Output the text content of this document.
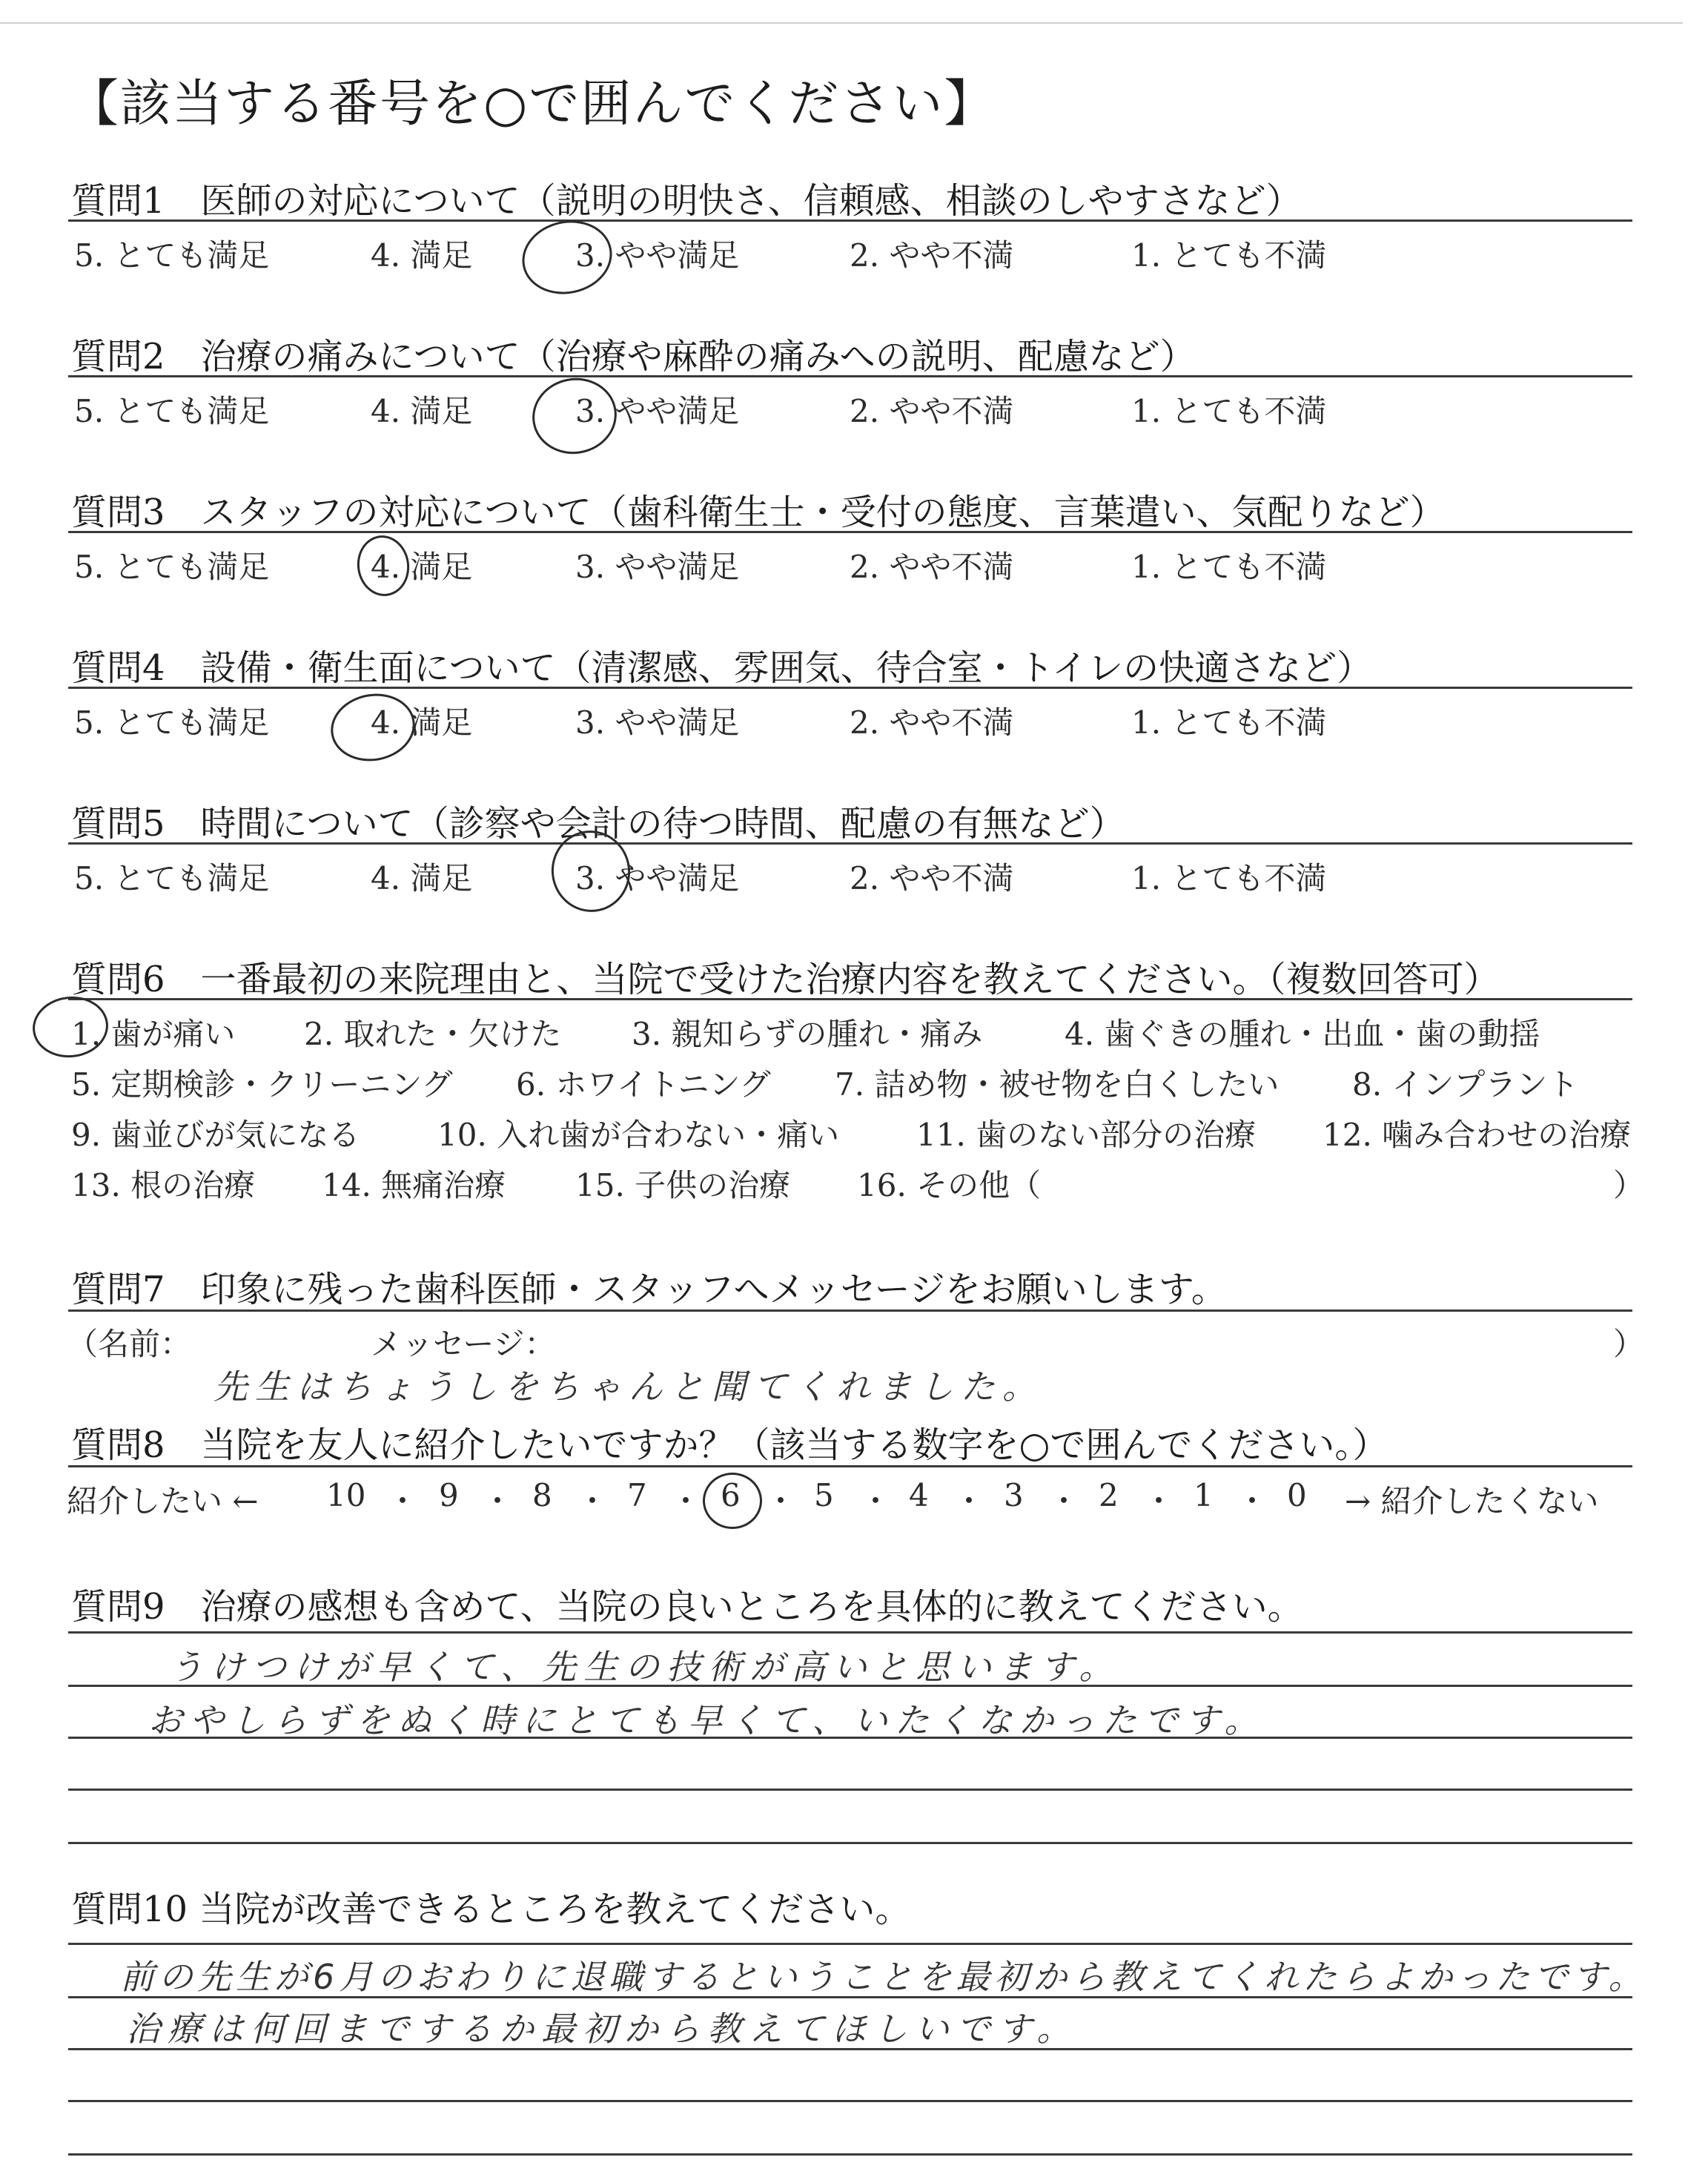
【該当する番号を○で囲んでください】
質問1　医師の対応について（説明の明快さ、信頼感、相談のしやすさなど）
5. とても満足	4. 満足	3. やや満足	2. やや不満	1. とても不満
質問2　治療の痛みについて（治療や麻酔の痛みへの説明、配慮など）
5. とても満足	4. 満足	3. やや満足	2. やや不満	1. とても不満
質問3　スタッフの対応について（歯科衛生士・受付の態度、言葉遣い、気配りなど）
5. とても満足	4. 満足	3. やや満足	2. やや不満	1. とても不満
質問4　設備・衛生面について（清潔感、雰囲気、待合室・トイレの快適さなど）
5. とても満足	4. 満足	3. やや満足	2. やや不満	1. とても不満
質問5　時間について（診察や会計の待つ時間、配慮の有無など）
5. とても満足	4. 満足	3. やや満足	2. やや不満	1. とても不満
質問6　一番最初の来院理由と、当院で受けた治療内容を教えてください。（複数回答可）
1. 歯が痛い 2. 取れた・欠けた 3. 親知らずの腫れ・痛み	4. 歯ぐきの腫れ・出血・歯の動揺
5. 定期検診・クリーニング 6. ホワイトニング 7. 詰め物・被せ物を白くしたい 8. インプラント
9. 歯並びが気になる 10. 入れ歯が合わない・痛い 11. 歯のない部分の治療 12. 噛み合わせの治療
13. 根の治療 14. 無痛治療 15. 子供の治療 16. その他（	）
質問7　印象に残った歯科医師・スタッフへメッセージをお願いします。
（名前：	メッセージ：	）
先生はちょうしをちゃんと聞てくれました。
質問8　当院を友人に紹介したいですか？（該当する数字を○で囲んでください。）
紹介したい ← 10 ・ 9 ・ 8 ・ 7 ・ 6 ・ 5 ・ 4 ・ 3 ・ 2 ・ 1 ・ 0 → 紹介したくない
質問9　治療の感想も含めて、当院の良いところを具体的に教えてください。
うけつけが早くて、先生の技術が高いと思います。
おやしらずをぬく時にとても早くて、いたくなかったです。
質問10 当院が改善できるところを教えてください。
前の先生が6月のおわりに退職するということを最初から教えてくれたらよかったです。
治療は何回までするか最初から教えてほしいです。
